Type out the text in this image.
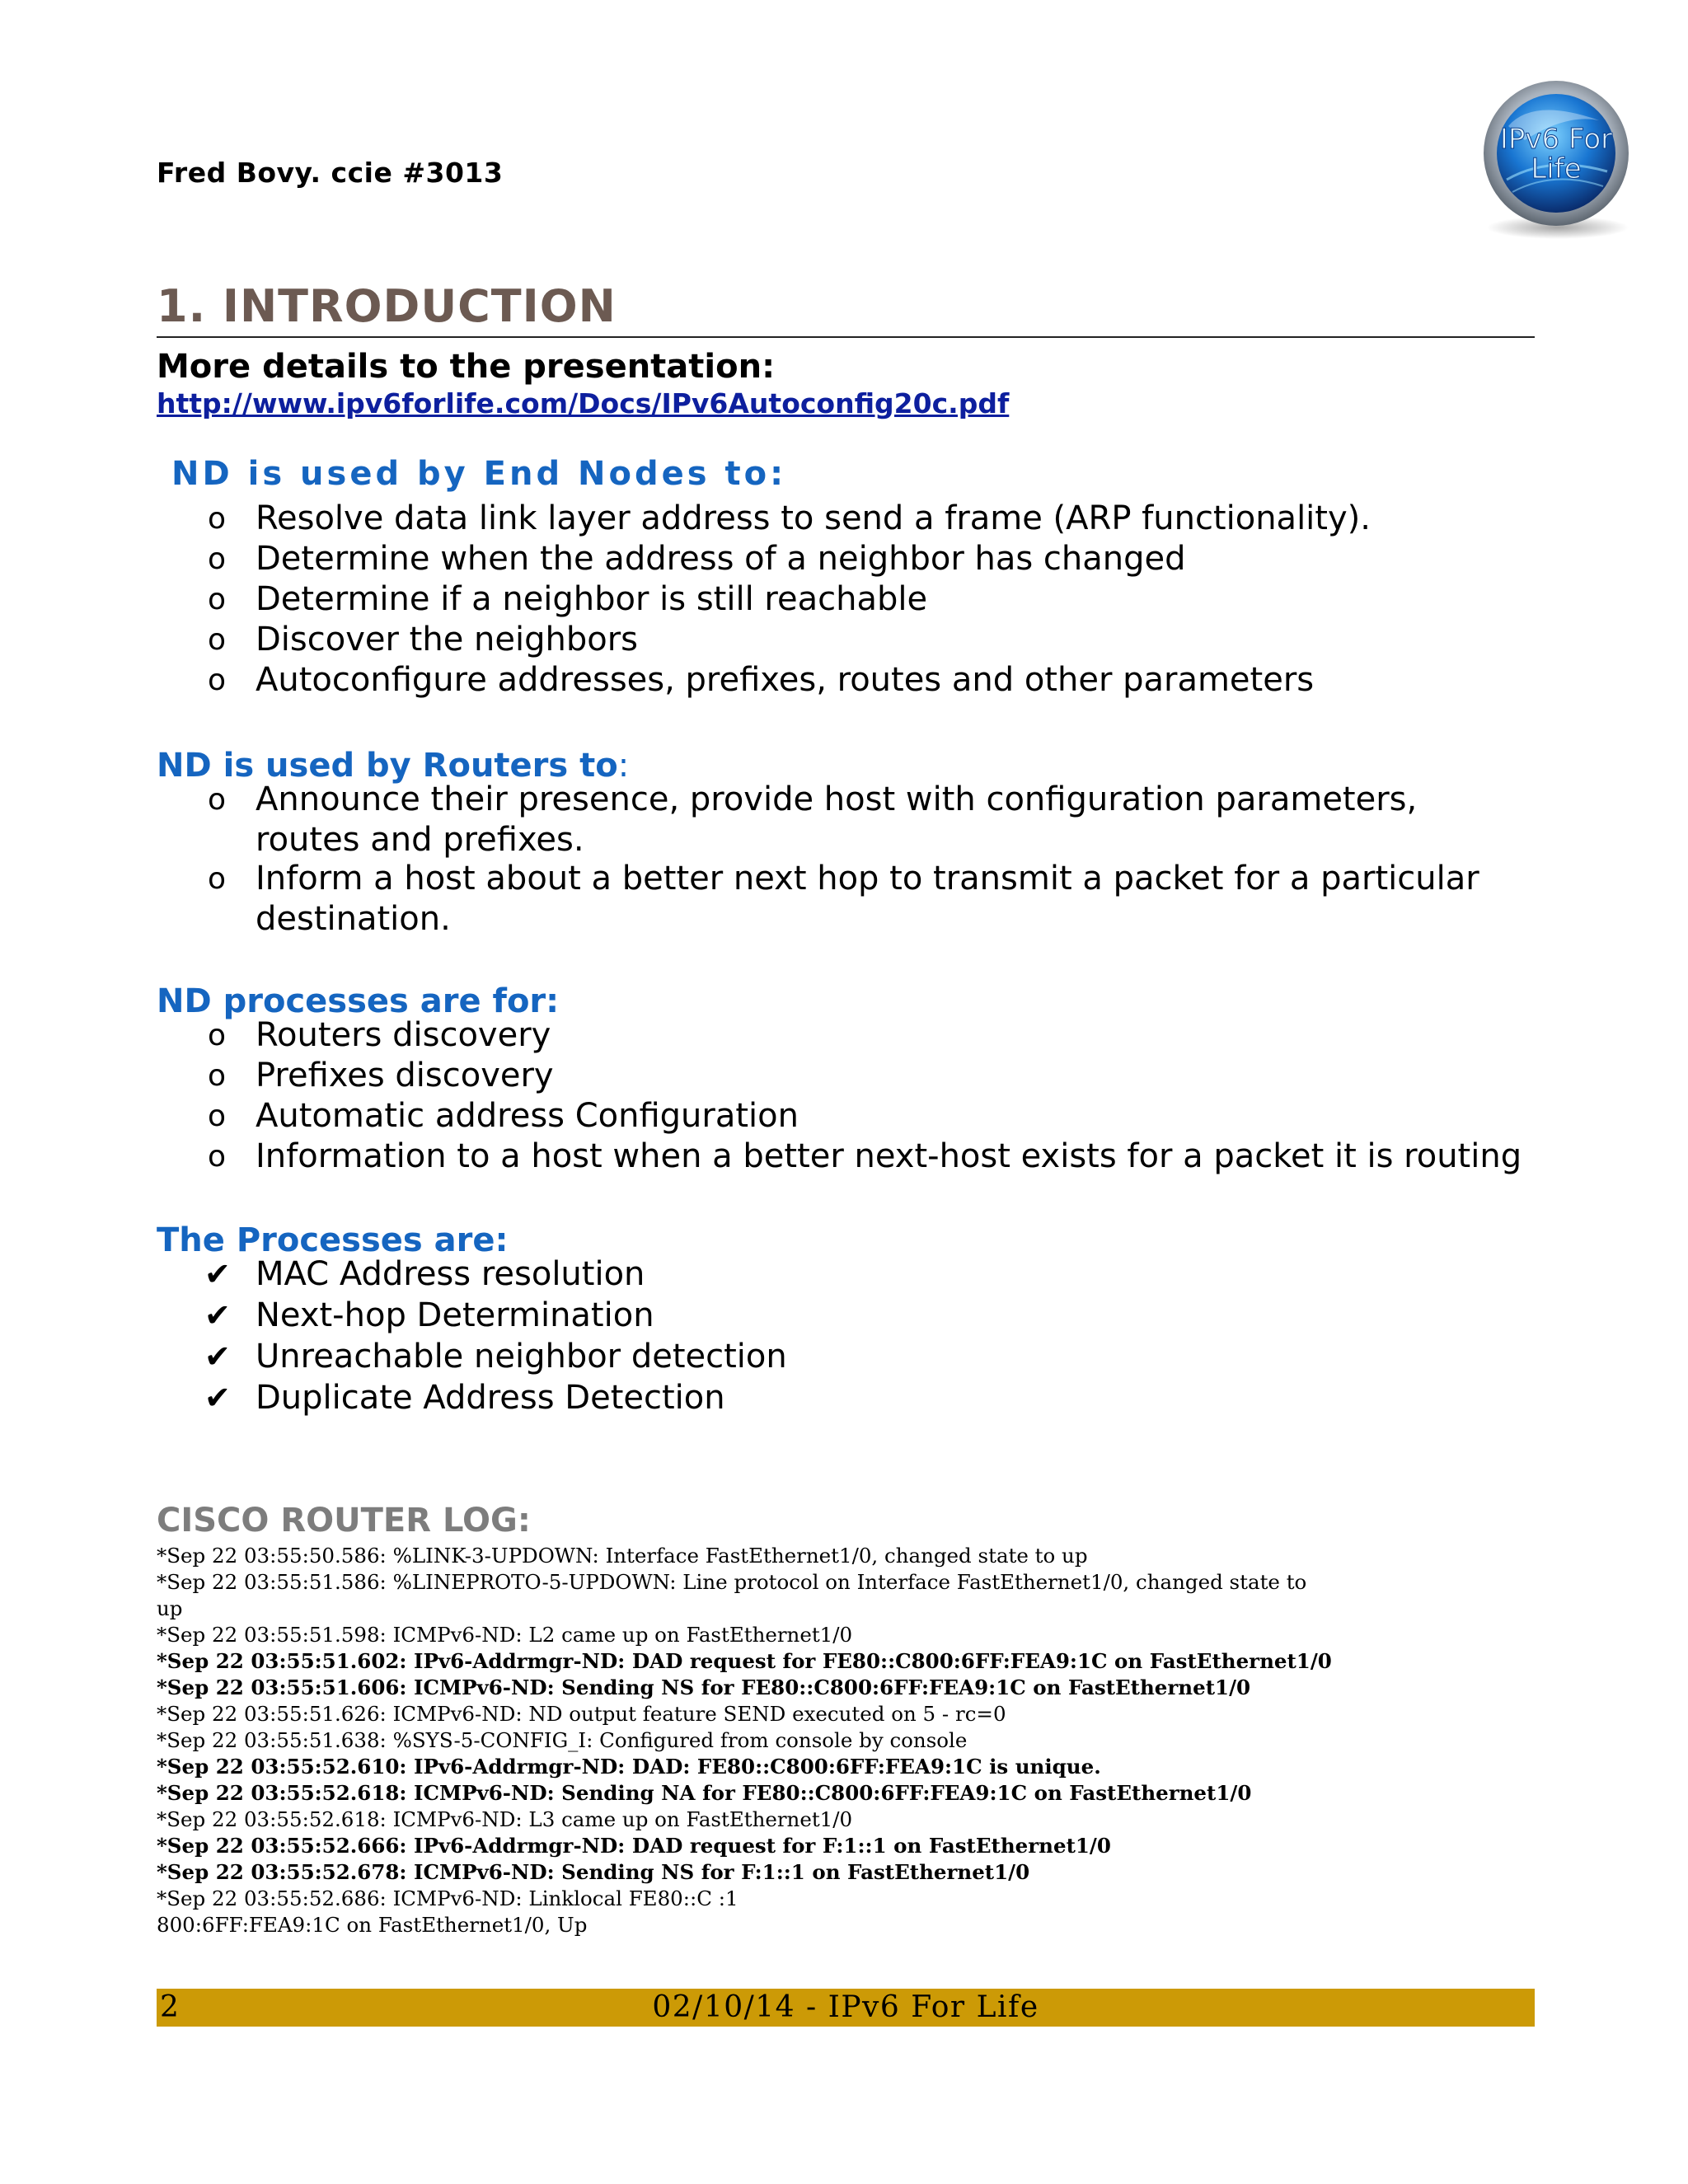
Fred Bovy. ccie #3013
IPv6 For
Life
1. INTRODUCTION
More details to the presentation:
http://www.ipv6forlife.com/Docs/IPv6Autoconfig20c.pdf
ND is used by End Nodes to:
o Resolve data link layer address to send a frame (ARP functionality).
o Determine when the address of a neighbor has changed
o Determine if a neighbor is still reachable
o Discover the neighbors
o Autoconfigure addresses, prefixes, routes and other parameters
ND is used by Routers to:
o Announce their presence, provide host with configuration parameters, routes and prefixes.
o Inform a host about a better next hop to transmit a packet for a particular destination.
ND processes are for:
o Routers discovery
o Prefixes discovery
o Automatic address Configuration
o Information to a host when a better next-host exists for a packet it is routing
The Processes are:
✔ MAC Address resolution
✔ Next-hop Determination
✔ Unreachable neighbor detection
✔ Duplicate Address Detection
CISCO ROUTER LOG:
*Sep 22 03:55:50.586: %LINK-3-UPDOWN: Interface FastEthernet1/0, changed state to up
*Sep 22 03:55:51.586: %LINEPROTO-5-UPDOWN: Line protocol on Interface FastEthernet1/0, changed state to
up
*Sep 22 03:55:51.598: ICMPv6-ND: L2 came up on FastEthernet1/0
*Sep 22 03:55:51.602: IPv6-Addrmgr-ND: DAD request for FE80::C800:6FF:FEA9:1C on FastEthernet1/0
*Sep 22 03:55:51.606: ICMPv6-ND: Sending NS for FE80::C800:6FF:FEA9:1C on FastEthernet1/0
*Sep 22 03:55:51.626: ICMPv6-ND: ND output feature SEND executed on 5 - rc=0
*Sep 22 03:55:51.638: %SYS-5-CONFIG_I: Configured from console by console
*Sep 22 03:55:52.610: IPv6-Addrmgr-ND: DAD: FE80::C800:6FF:FEA9:1C is unique.
*Sep 22 03:55:52.618: ICMPv6-ND: Sending NA for FE80::C800:6FF:FEA9:1C on FastEthernet1/0
*Sep 22 03:55:52.618: ICMPv6-ND: L3 came up on FastEthernet1/0
*Sep 22 03:55:52.666: IPv6-Addrmgr-ND: DAD request for F:1::1 on FastEthernet1/0
*Sep 22 03:55:52.678: ICMPv6-ND: Sending NS for F:1::1 on FastEthernet1/0
*Sep 22 03:55:52.686: ICMPv6-ND: Linklocal FE80::C :1
800:6FF:FEA9:1C on FastEthernet1/0, Up
2	02/10/14 - IPv6 For Life
